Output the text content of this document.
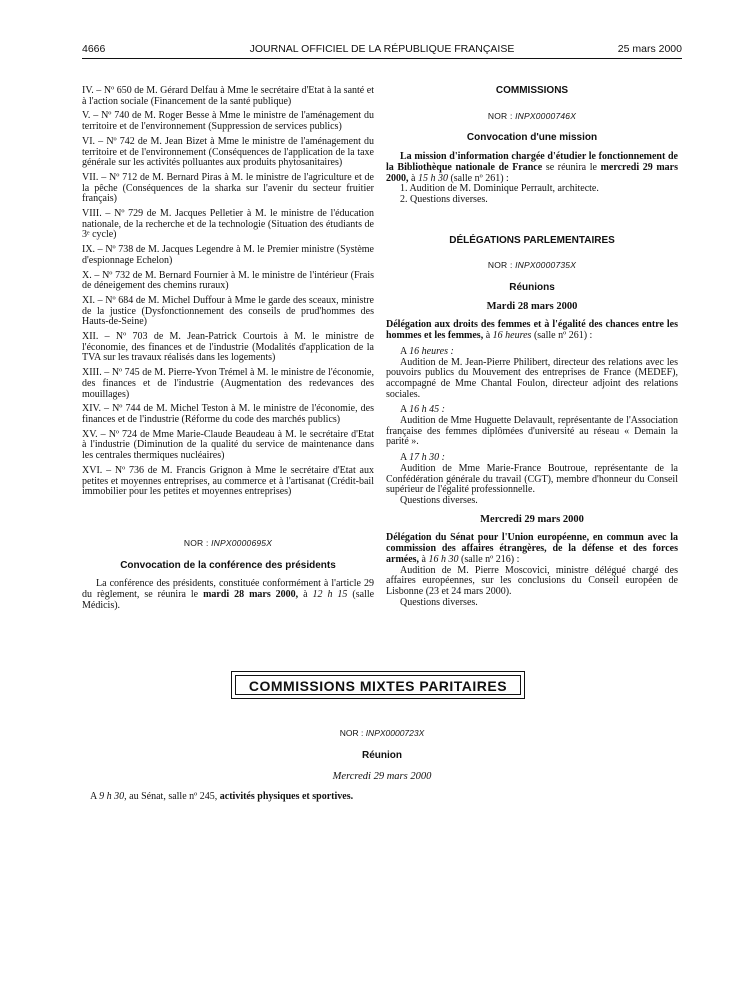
4666	JOURNAL OFFICIEL DE LA RÉPUBLIQUE FRANÇAISE	25 mars 2000

IV. – Nº 650 de M. Gérard Delfau à Mme le secrétaire d'Etat à la santé et à l'action sociale (Financement de la santé publique)

V. – Nº 740 de M. Roger Besse à Mme le ministre de l'aménagement du territoire et de l'environnement (Suppression de services publics)

VI. – Nº 742 de M. Jean Bizet à Mme le ministre de l'aménagement du territoire et de l'environnement (Conséquences de l'application de la taxe générale sur les activités polluantes aux produits phytosanitaires)

VII. – Nº 712 de M. Bernard Piras à M. le ministre de l'agriculture et de la pêche (Conséquences de la sharka sur l'avenir du secteur fruitier français)

VIII. – Nº 729 de M. Jacques Pelletier à M. le ministre de l'éducation nationale, de la recherche et de la technologie (Situation des étudiants de 3ᵉ cycle)

IX. – Nº 738 de M. Jacques Legendre à M. le Premier ministre (Système d'espionnage Echelon)

X. – Nº 732 de M. Bernard Fournier à M. le ministre de l'intérieur (Frais de déneigement des chemins ruraux)

XI. – Nº 684 de M. Michel Duffour à Mme le garde des sceaux, ministre de la justice (Dysfonctionnement des conseils de prud'hommes des Hauts-de-Seine)

XII. – Nº 703 de M. Jean-Patrick Courtois à M. le ministre de l'économie, des finances et de l'industrie (Modalités d'application de la TVA sur les travaux réalisés dans les logements)

XIII. – Nº 745 de M. Pierre-Yvon Trémel à M. le ministre de l'économie, des finances et de l'industrie (Augmentation des redevances des mouillages)

XIV. – Nº 744 de M. Michel Teston à M. le ministre de l'économie, des finances et de l'industrie (Réforme du code des marchés publics)

XV. – Nº 724 de Mme Marie-Claude Beaudeau à M. le secrétaire d'Etat à l'industrie (Diminution de la qualité du service de maintenance dans les centrales thermiques nucléaires)

XVI. – Nº 736 de M. Francis Grignon à Mme le secrétaire d'Etat aux petites et moyennes entreprises, au commerce et à l'artisanat (Crédit-bail immobilier pour les petites et moyennes entreprises)

NOR : INPX0000695X
Convocation de la conférence des présidents

La conférence des présidents, constituée conformément à l'article 29 du règlement, se réunira le mardi 28 mars 2000, à 12 h 15 (salle Médicis).

COMMISSIONS
NOR : INPX0000746X
Convocation d'une mission

La mission d'information chargée d'étudier le fonctionnement de la Bibliothèque nationale de France se réunira le mercredi 29 mars 2000, à 15 h 30 (salle nº 261) :

1. Audition de M. Dominique Perrault, architecte.

2. Questions diverses.

DÉLÉGATIONS PARLEMENTAIRES
NOR : INPX0000735X
Réunions
Mardi 28 mars 2000

Délégation aux droits des femmes et à l'égalité des chances entre les hommes et les femmes, à 16 heures (salle nº 261) :

A 16 heures :

Audition de M. Jean-Pierre Philibert, directeur des relations avec les pouvoirs publics du Mouvement des entreprises de France (MEDEF), accompagné de Mme Chantal Foulon, directeur adjoint des relations sociales.

A 16 h 45 :

Audition de Mme Huguette Delavault, représentante de l'Association française des femmes diplômées d'université au réseau « Demain la parité ».

A 17 h 30 :

Audition de Mme Marie-France Boutroue, représentante de la Confédération générale du travail (CGT), membre d'honneur du Conseil supérieur de l'égalité professionnelle.

Questions diverses.

Mercredi 29 mars 2000

Délégation du Sénat pour l'Union européenne, en commun avec la commission des affaires étrangères, de la défense et des forces armées, à 16 h 30 (salle nº 216) :

Audition de M. Pierre Moscovici, ministre délégué chargé des affaires européennes, sur les conclusions du Conseil européen de Lisbonne (23 et 24 mars 2000).

Questions diverses.

COMMISSIONS MIXTES PARITAIRES
NOR : INPX0000723X
Réunion
Mercredi 29 mars 2000
A 9 h 30, au Sénat, salle nº 245, activités physiques et sportives.
